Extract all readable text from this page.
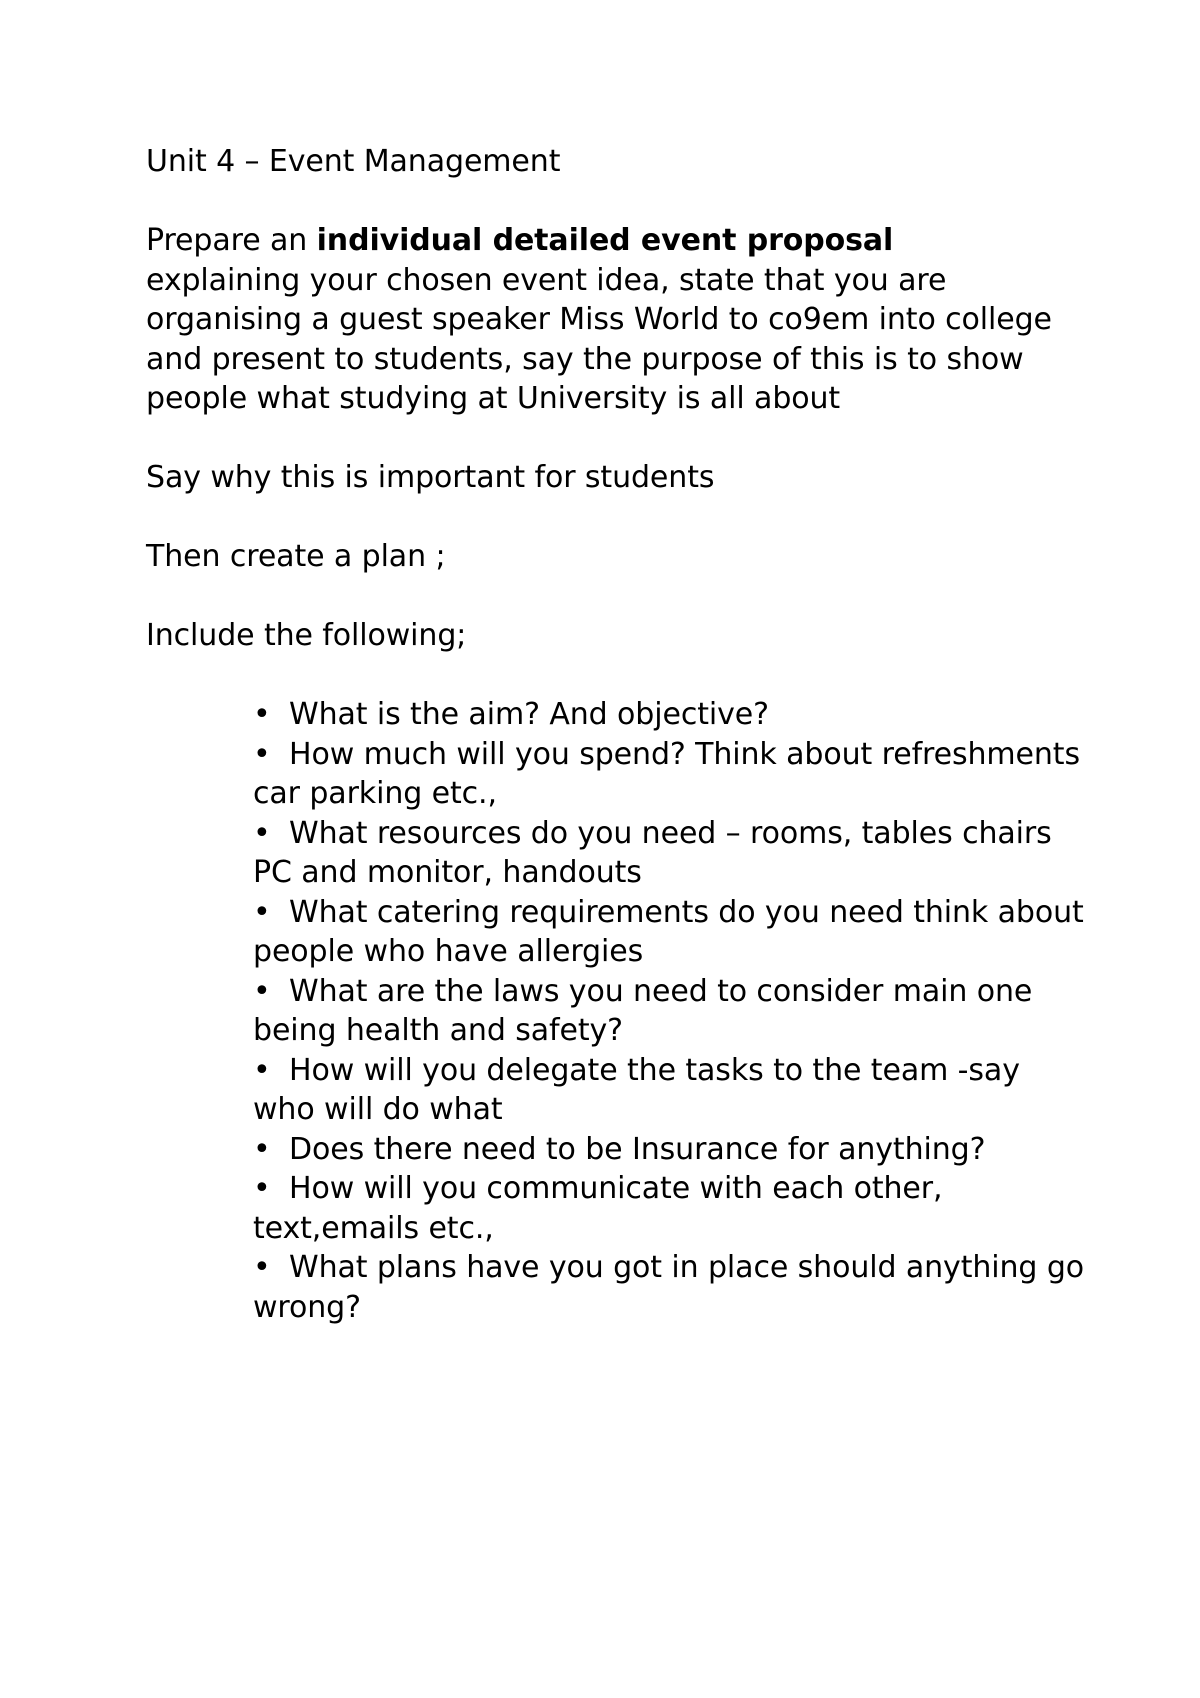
Unit 4 – Event Management

Prepare an individual detailed event proposal
explaining your chosen event idea, state that you are organising a guest speaker Miss World to co9em into college and present to students, say the purpose of this is to show people what studying at University is all about

Say why this is important for students

Then create a plan ;

Include the following;

• What is the aim? And objective?
• How much will you spend? Think about refreshments car parking etc.,
• What resources do you need – rooms, tables chairs PC and monitor, handouts
• What catering requirements do you need think about people who have allergies
• What are the laws you need to consider main one being health and safety?
• How will you delegate the tasks to the team -say who will do what
• Does there need to be Insurance for anything?
• How will you communicate with each other, text,emails etc.,
• What plans have you got in place should anything go wrong?
